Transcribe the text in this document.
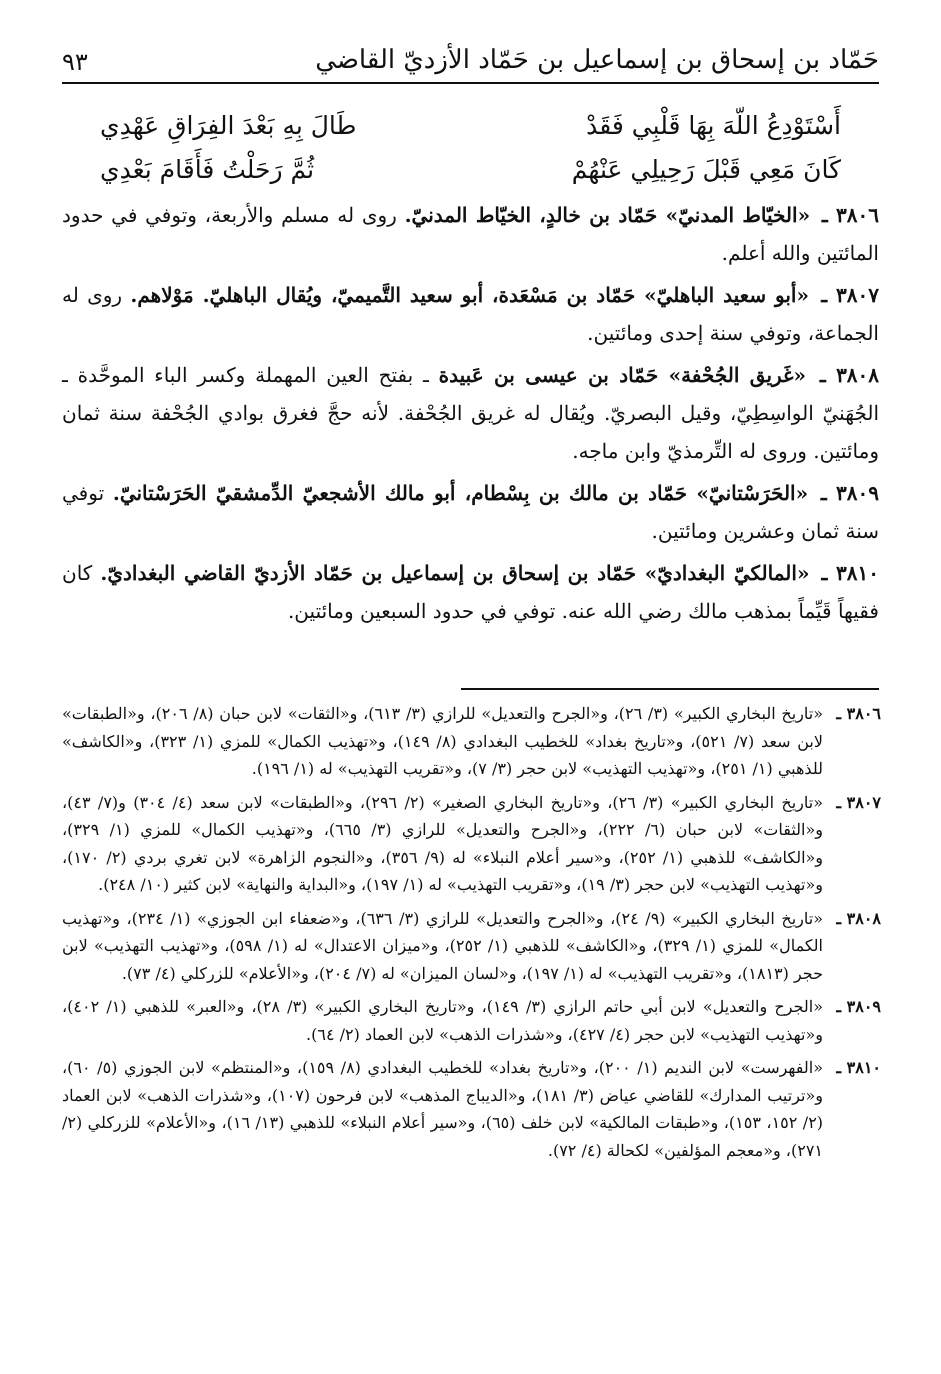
حَمّاد بن إسحاق بن إسماعيل بن حَمّاد الأزديّ القاضي
٩٣
أَسْتَوْدِعُ اللّهَ بِهَا قَلْبِي فَقَدْ
طَالَ بِهِ بَعْدَ الفِرَاقِ عَهْدِي
كَانَ مَعِي قَبْلَ رَحِيلِي عَنْهُمْ
ثُمَّ رَحَلْتُ فَأَقَامَ بَعْدِي

٣٨٠٦ ـ «الخيّاط المدنيّ» حَمّاد بن خالدٍ، الخيّاط المدنيّ. روى له مسلم والأربعة، وتوفي في حدود المائتين والله أعلم.

٣٨٠٧ ـ «أبو سعيد الباهليّ» حَمّاد بن مَسْعَدة، أبو سعيد التَّميميّ، ويُقال الباهليّ. مَوْلاهم. روى له الجماعة، وتوفي سنة إحدى ومائتين.

٣٨٠٨ ـ «غَريق الجُحْفة» حَمّاد بن عيسى بن عَبيدة ـ بفتح العين المهملة وكسر الباء الموحَّدة ـ الجُهَنيّ الواسِطِيّ، وقيل البصريّ. ويُقال له غريق الجُحْفة. لأنه حجَّ فغرق بوادي الجُحْفة سنة ثمان ومائتين. وروى له التِّرمذيّ وابن ماجه.

٣٨٠٩ ـ «الحَرَسْتانيّ» حَمّاد بن مالك بن بِسْطام، أبو مالك الأشجعيّ الدِّمشقيّ الحَرَسْتانيّ. توفي سنة ثمان وعشرين ومائتين.

٣٨١٠ ـ «المالكيّ البغداديّ» حَمّاد بن إسحاق بن إسماعيل بن حَمّاد الأزديّ القاضي البغداديّ. كان فقيهاً قَيِّماً بمذهب مالك رضي الله عنه. توفي في حدود السبعين ومائتين.

٣٨٠٦ ـ
«تاريخ البخاري الكبير» (٣/ ٢٦)، و«الجرح والتعديل» للرازي (٣/ ٦١٣)، و«الثقات» لابن حبان (٨/ ٢٠٦)، و«الطبقات» لابن سعد (٧/ ٥٢١)، و«تاريخ بغداد» للخطيب البغدادي (٨/ ١٤٩)، و«تهذيب الكمال» للمزي (١/ ٣٢٣)، و«الكاشف» للذهبي (١/ ٢٥١)، و«تهذيب التهذيب» لابن حجر (٣/ ٧)، و«تقريب التهذيب» له (١/ ١٩٦).
٣٨٠٧ ـ
«تاريخ البخاري الكبير» (٣/ ٢٦)، و«تاريخ البخاري الصغير» (٢/ ٢٩٦)، و«الطبقات» لابن سعد (٤/ ٣٠٤) و(٧/ ٤٣)، و«الثقات» لابن حبان (٦/ ٢٢٢)، و«الجرح والتعديل» للرازي (٣/ ٦٦٥)، و«تهذيب الكمال» للمزي (١/ ٣٢٩)، و«الكاشف» للذهبي (١/ ٢٥٢)، و«سير أعلام النبلاء» له (٩/ ٣٥٦)، و«النجوم الزاهرة» لابن تغري بردي (٢/ ١٧٠)، و«تهذيب التهذيب» لابن حجر (٣/ ١٩)، و«تقريب التهذيب» له (١/ ١٩٧)، و«البداية والنهاية» لابن كثير (١٠/ ٢٤٨).
٣٨٠٨ ـ
«تاريخ البخاري الكبير» (٩/ ٢٤)، و«الجرح والتعديل» للرازي (٣/ ٦٣٦)، و«ضعفاء ابن الجوزي» (١/ ٢٣٤)، و«تهذيب الكمال» للمزي (١/ ٣٢٩)، و«الكاشف» للذهبي (١/ ٢٥٢)، و«ميزان الاعتدال» له (١/ ٥٩٨)، و«تهذيب التهذيب» لابن حجر (١٨١٣)، و«تقريب التهذيب» له (١/ ١٩٧)، و«لسان الميزان» له (٧/ ٢٠٤)، و«الأعلام» للزركلي (٤/ ٧٣).
٣٨٠٩ ـ
«الجرح والتعديل» لابن أبي حاتم الرازي (٣/ ١٤٩)، و«تاريخ البخاري الكبير» (٣/ ٢٨)، و«العبر» للذهبي (١/ ٤٠٢)، و«تهذيب التهذيب» لابن حجر (٤/ ٤٢٧)، و«شذرات الذهب» لابن العماد (٢/ ٦٤).
٣٨١٠ ـ
«الفهرست» لابن النديم (١/ ٢٠٠)، و«تاريخ بغداد» للخطيب البغدادي (٨/ ١٥٩)، و«المنتظم» لابن الجوزي (٥/ ٦٠)، و«ترتيب المدارك» للقاضي عياض (٣/ ١٨١)، و«الديباج المذهب» لابن فرحون (١٠٧)، و«شذرات الذهب» لابن العماد (٢/ ١٥٢، ١٥٣)، و«طبقات المالكية» لابن خلف (٦٥)، و«سير أعلام النبلاء» للذهبي (١٣/ ١٦)، و«الأعلام» للزركلي (٢/ ٢٧١)، و«معجم المؤلفين» لكحالة (٤/ ٧٢).
